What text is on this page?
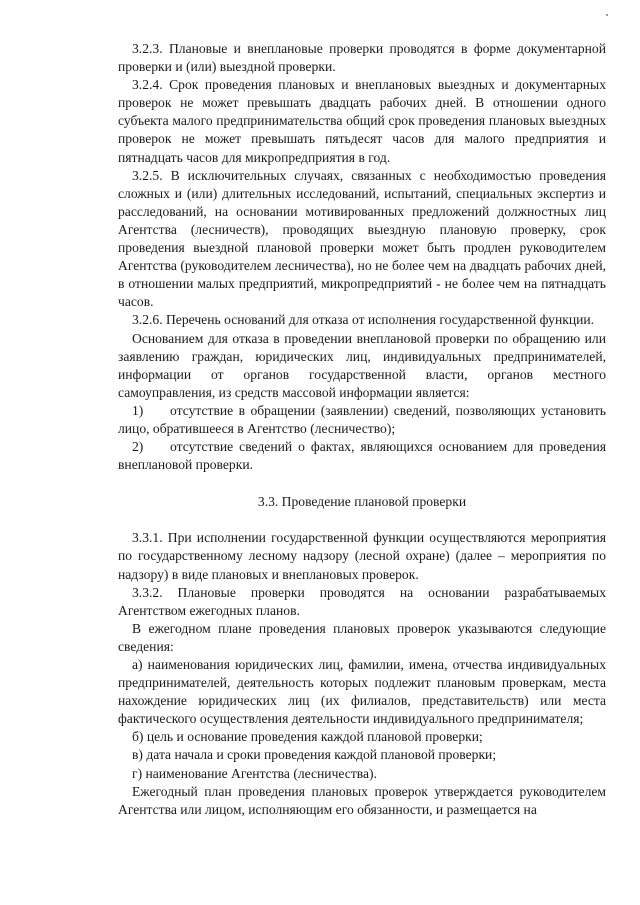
3.2.3. Плановые и внеплановые проверки проводятся в форме документарной проверки и (или) выездной проверки.

3.2.4. Срок проведения плановых и внеплановых выездных и документарных проверок не может превышать двадцать рабочих дней. В отношении одного субъекта малого предпринимательства общий срок проведения плановых выездных проверок не может превышать пятьдесят часов для малого предприятия и пятнадцать часов для микропредприятия в год.

3.2.5. В исключительных случаях, связанных с необходимостью проведения сложных и (или) длительных исследований, испытаний, специальных экспертиз и расследований, на основании мотивированных предложений должностных лиц Агентства (лесничеств), проводящих выездную плановую проверку, срок проведения выездной плановой проверки может быть продлен руководителем Агентства (руководителем лесничества), но не более чем на двадцать рабочих дней, в отношении малых предприятий, микропредприятий - не более чем на пятнадцать часов.

3.2.6. Перечень оснований для отказа от исполнения государственной функции.

Основанием для отказа в проведении внеплановой проверки по обращению или заявлению граждан, юридических лиц, индивидуальных предпринимателей, информации от органов государственной власти, органов местного самоуправления, из средств массовой информации является:

1) отсутствие в обращении (заявлении) сведений, позволяющих установить лицо, обратившееся в Агентство (лесничество);

2) отсутствие сведений о фактах, являющихся основанием для проведения внеплановой проверки.

3.3. Проведение плановой проверки

3.3.1. При исполнении государственной функции осуществляются мероприятия по государственному лесному надзору (лесной охране) (далее – мероприятия по надзору) в виде плановых и внеплановых проверок.

3.3.2. Плановые проверки проводятся на основании разрабатываемых Агентством ежегодных планов.

В ежегодном плане проведения плановых проверок указываются следующие сведения:

а) наименования юридических лиц, фамилии, имена, отчества индивидуальных предпринимателей, деятельность которых подлежит плановым проверкам, места нахождение юридических лиц (их филиалов, представительств) или места фактического осуществления деятельности индивидуального предпринимателя;

б) цель и основание проведения каждой плановой проверки;

в) дата начала и сроки проведения каждой плановой проверки;

г) наименование Агентства (лесничества).

Ежегодный план проведения плановых проверок утверждается руководителем Агентства или лицом, исполняющим его обязанности, и размещается на
